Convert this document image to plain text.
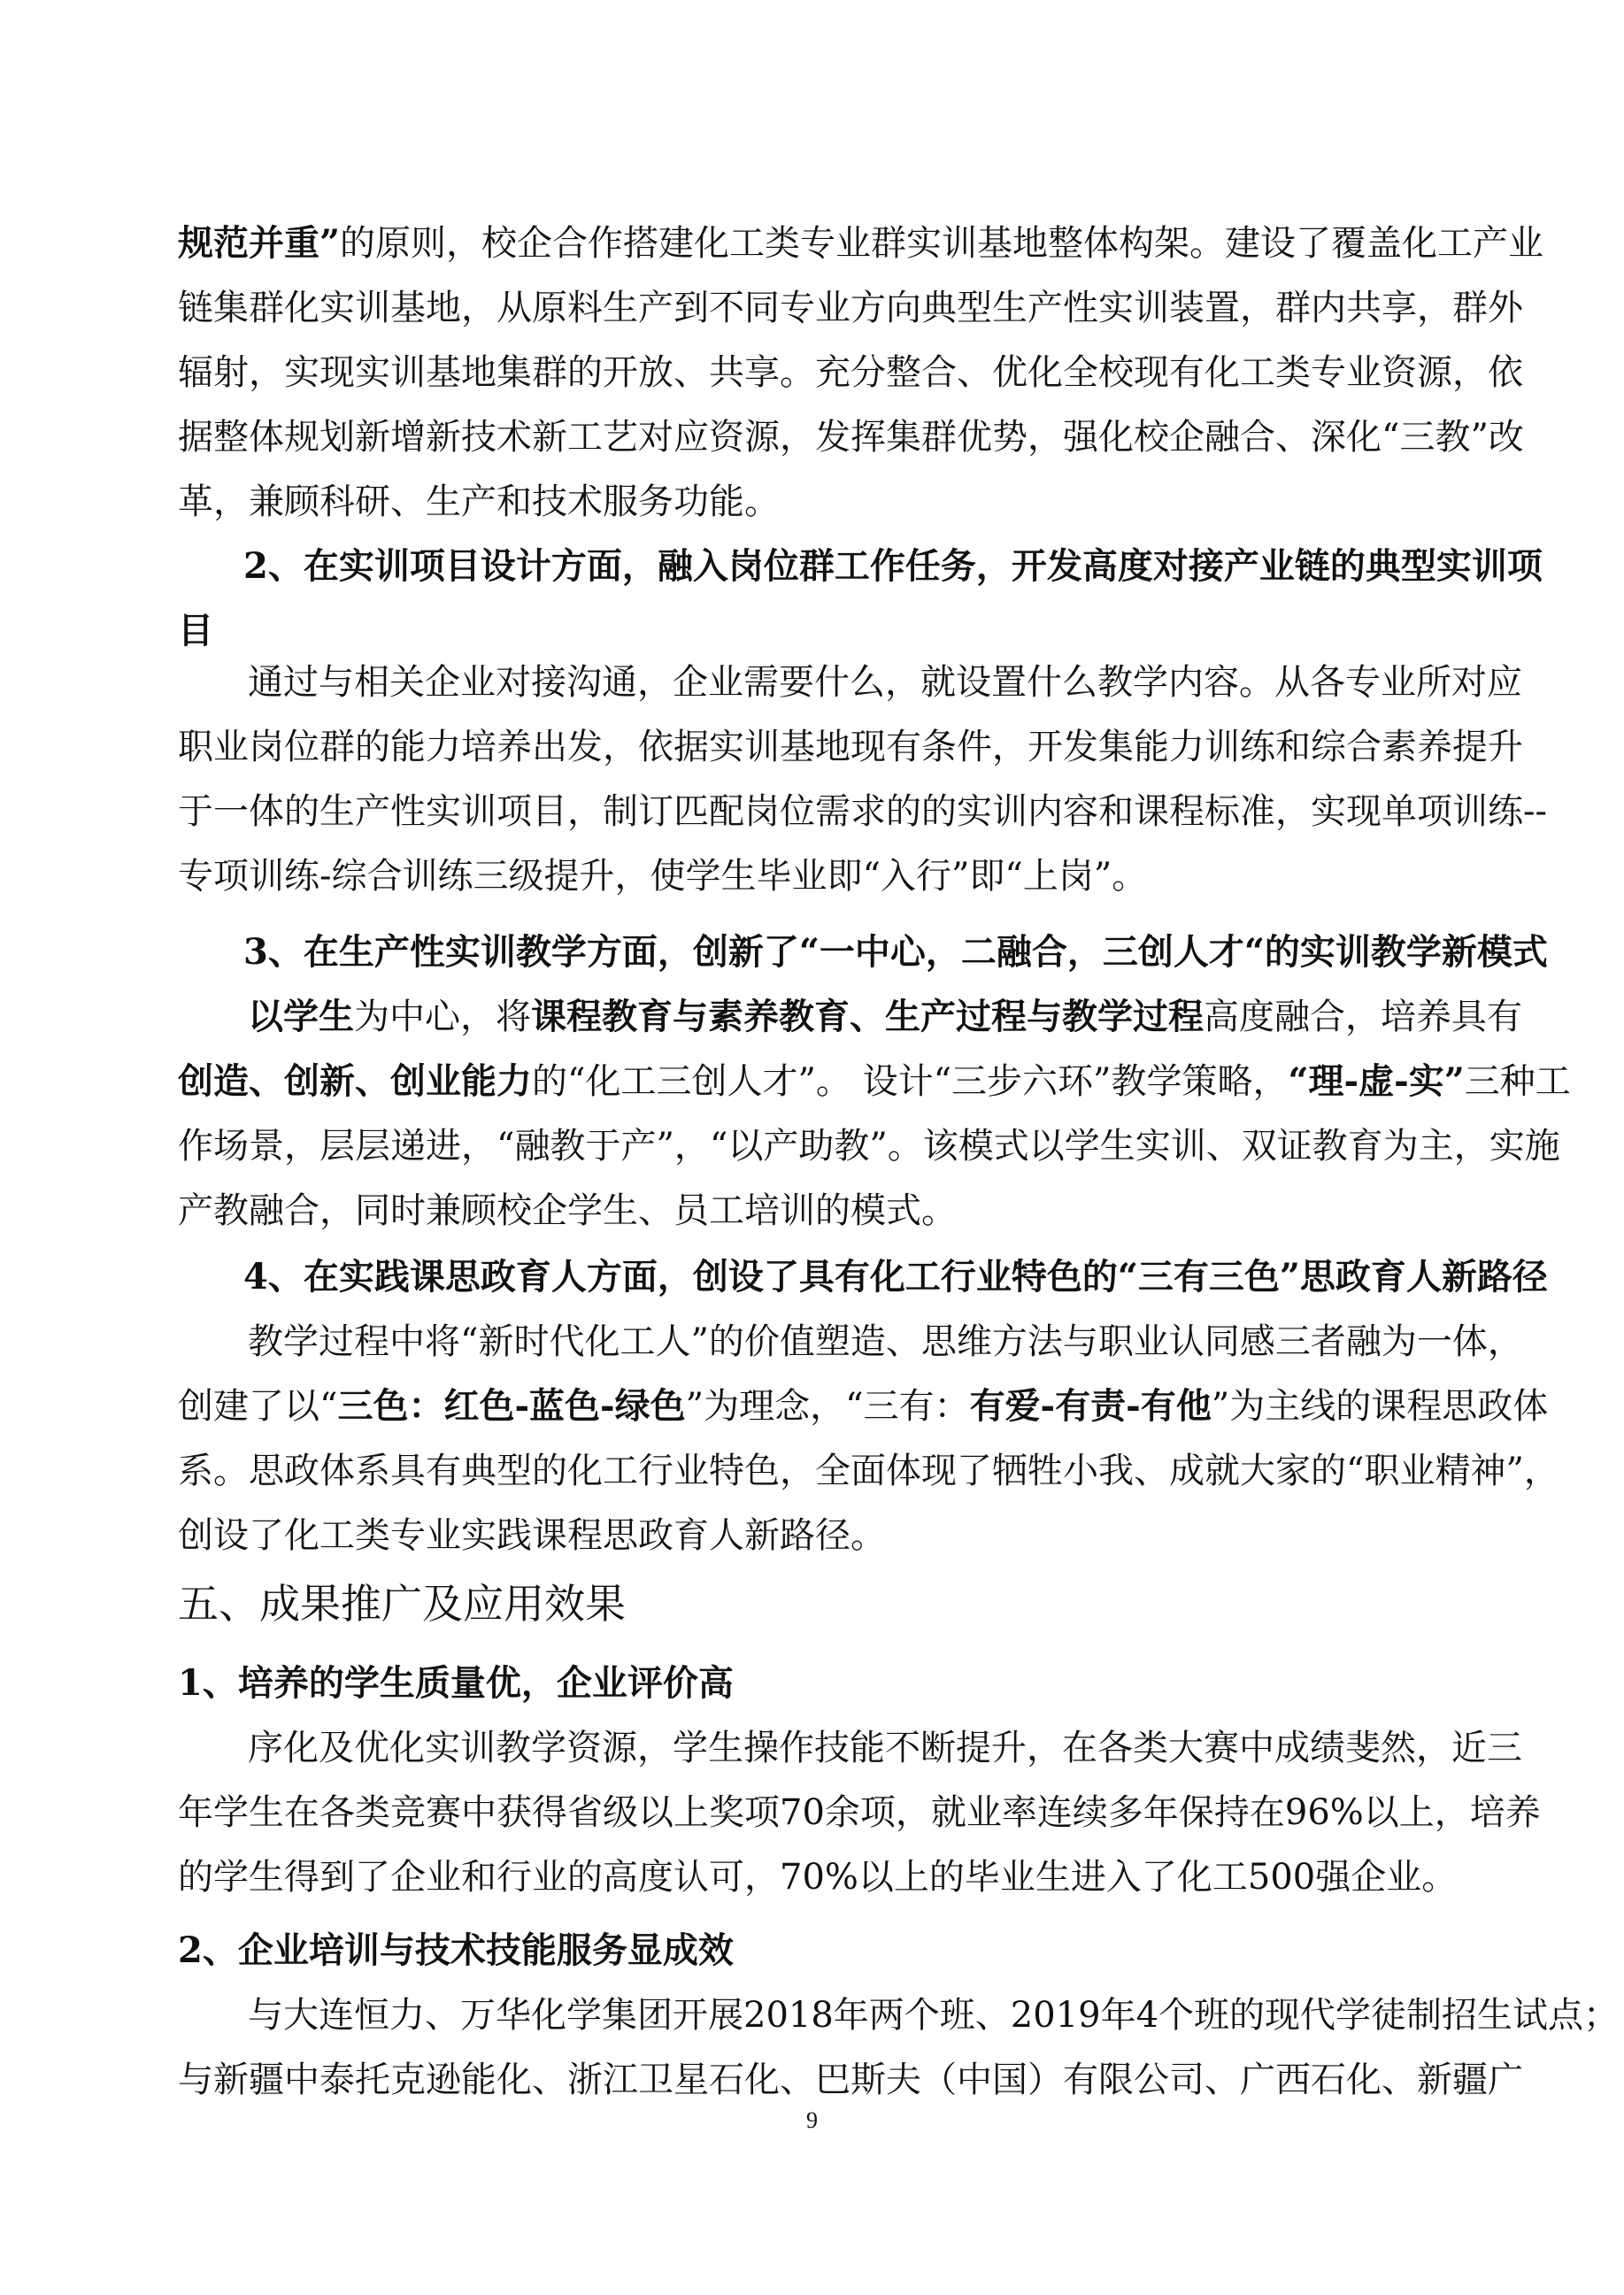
规范并重”的原则，校企合作搭建化工类专业群实训基地整体构架。建设了覆盖化工产业
链集群化实训基地，从原料生产到不同专业方向典型生产性实训装置，群内共享，群外
辐射，实现实训基地集群的开放、共享。充分整合、优化全校现有化工类专业资源，依
据整体规划新增新技术新工艺对应资源，发挥集群优势，强化校企融合、深化“三教”改
革，兼顾科研、生产和技术服务功能。
2、在实训项目设计方面，融入岗位群工作任务，开发高度对接产业链的典型实训项
目
通过与相关企业对接沟通，企业需要什么，就设置什么教学内容。从各专业所对应
职业岗位群的能力培养出发，依据实训基地现有条件，开发集能力训练和综合素养提升
于一体的生产性实训项目，制订匹配岗位需求的的实训内容和课程标准，实现单项训练--
专项训练-综合训练三级提升，使学生毕业即“入行”即“上岗”。
3、在生产性实训教学方面，创新了“一中心，二融合，三创人才“的实训教学新模式
以学生为中心，将课程教育与素养教育、生产过程与教学过程高度融合，培养具有
创造、创新、创业能力的“化工三创人才”。 设计“三步六环”教学策略，“理-虚-实”三种工
作场景，层层递进，“融教于产”，“以产助教”。该模式以学生实训、双证教育为主，实施
产教融合，同时兼顾校企学生、员工培训的模式。
4、在实践课思政育人方面，创设了具有化工行业特色的“三有三色”思政育人新路径
教学过程中将“新时代化工人”的价值塑造、思维方法与职业认同感三者融为一体，
创建了以“三色：红色-蓝色-绿色”为理念，“三有：有爱-有责-有他”为主线的课程思政体
系。思政体系具有典型的化工行业特色，全面体现了牺牲小我、成就大家的“职业精神”，
创设了化工类专业实践课程思政育人新路径。
五、成果推广及应用效果
1、培养的学生质量优，企业评价高
序化及优化实训教学资源，学生操作技能不断提升，在各类大赛中成绩斐然，近三
年学生在各类竞赛中获得省级以上奖项70余项，就业率连续多年保持在96%以上，培养
的学生得到了企业和行业的高度认可，70%以上的毕业生进入了化工500强企业。
2、企业培训与技术技能服务显成效
与大连恒力、万华化学集团开展2018年两个班、2019年4个班的现代学徒制招生试点；
与新疆中泰托克逊能化、浙江卫星石化、巴斯夫（中国）有限公司、广西石化、新疆广
9
